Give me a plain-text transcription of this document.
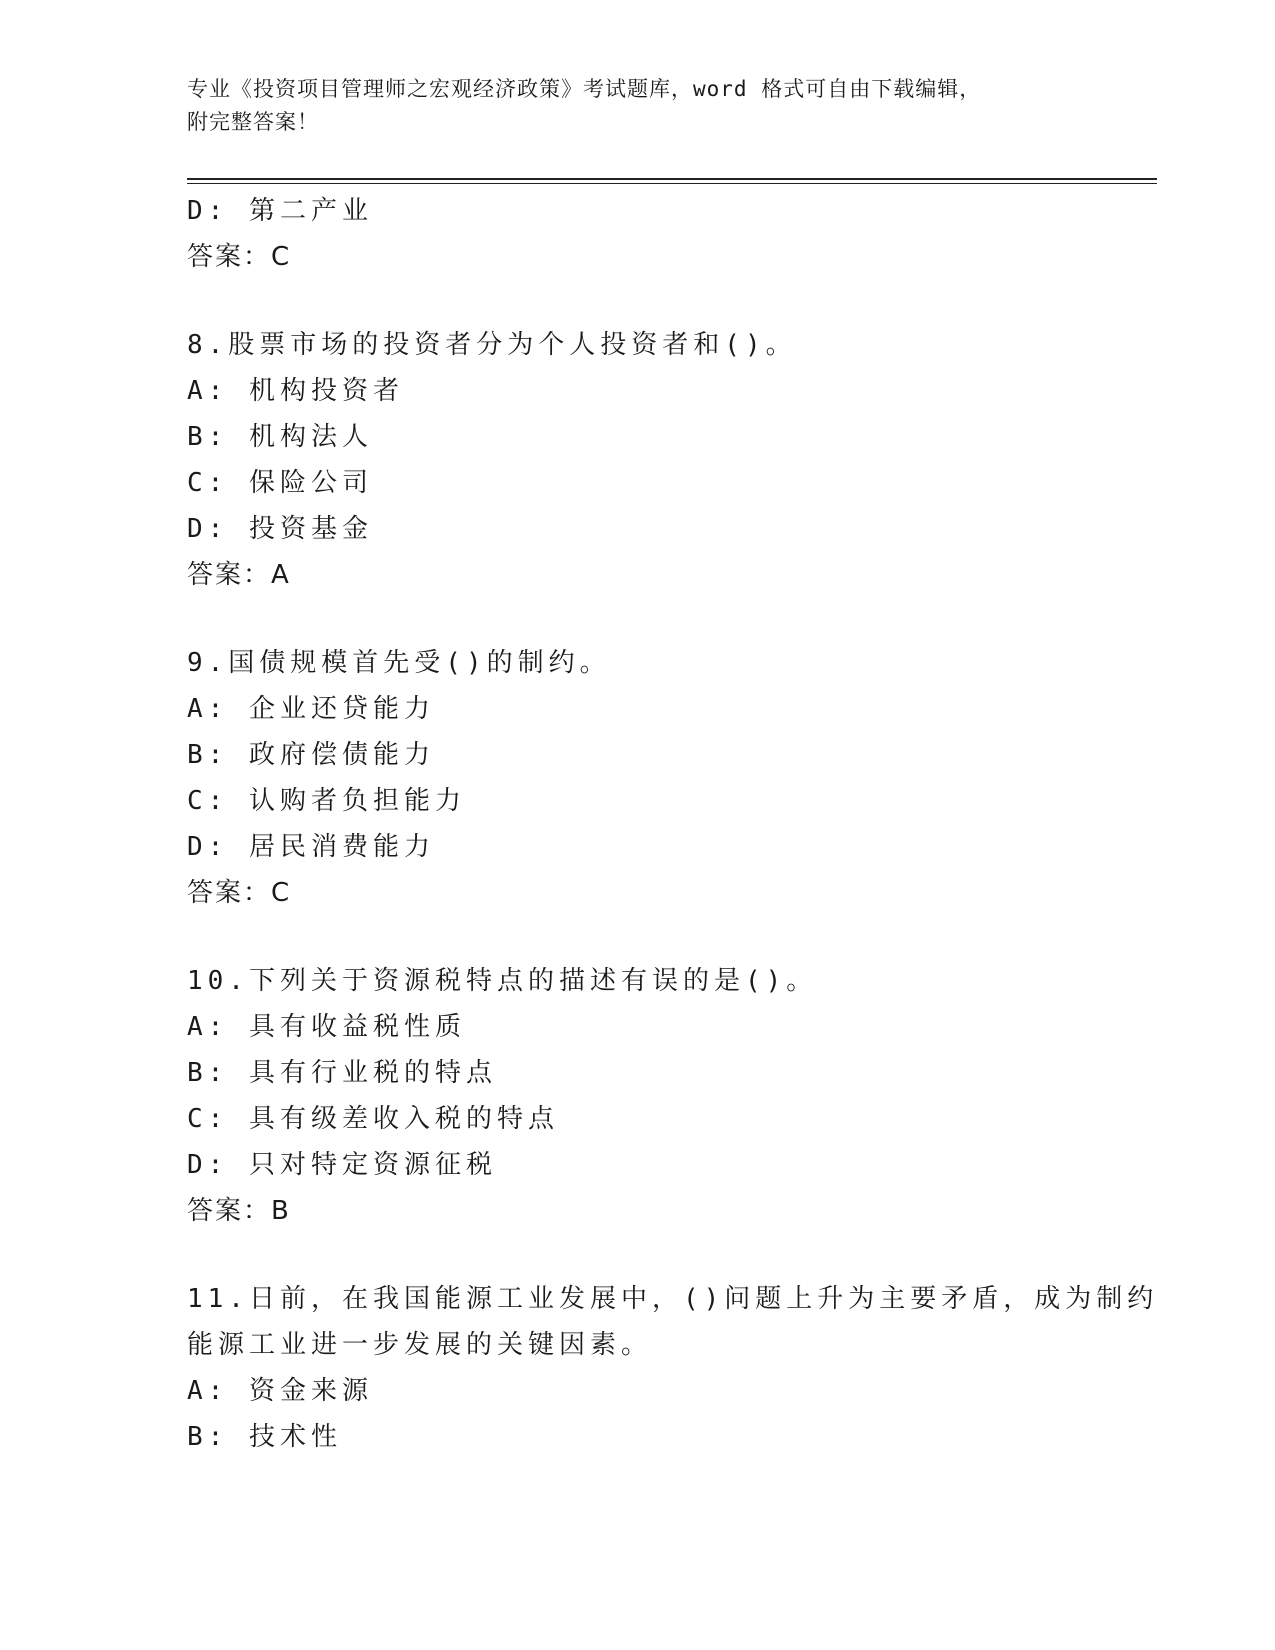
专业《投资项目管理师之宏观经济政策》考试题库，word 格式可自由下载编辑，
附完整答案！
D: 第二产业
答案：C
8.股票市场的投资者分为个人投资者和()。
A: 机构投资者
B: 机构法人
C: 保险公司
D: 投资基金
答案：A
9.国债规模首先受()的制约。
A: 企业还贷能力
B: 政府偿债能力
C: 认购者负担能力
D: 居民消费能力
答案：C
10.下列关于资源税特点的描述有误的是()。
A: 具有收益税性质
B: 具有行业税的特点
C: 具有级差收入税的特点
D: 只对特定资源征税
答案：B
11.日前，在我国能源工业发展中，()问题上升为主要矛盾，成为制约
能源工业进一步发展的关键因素。
A: 资金来源
B: 技术性
